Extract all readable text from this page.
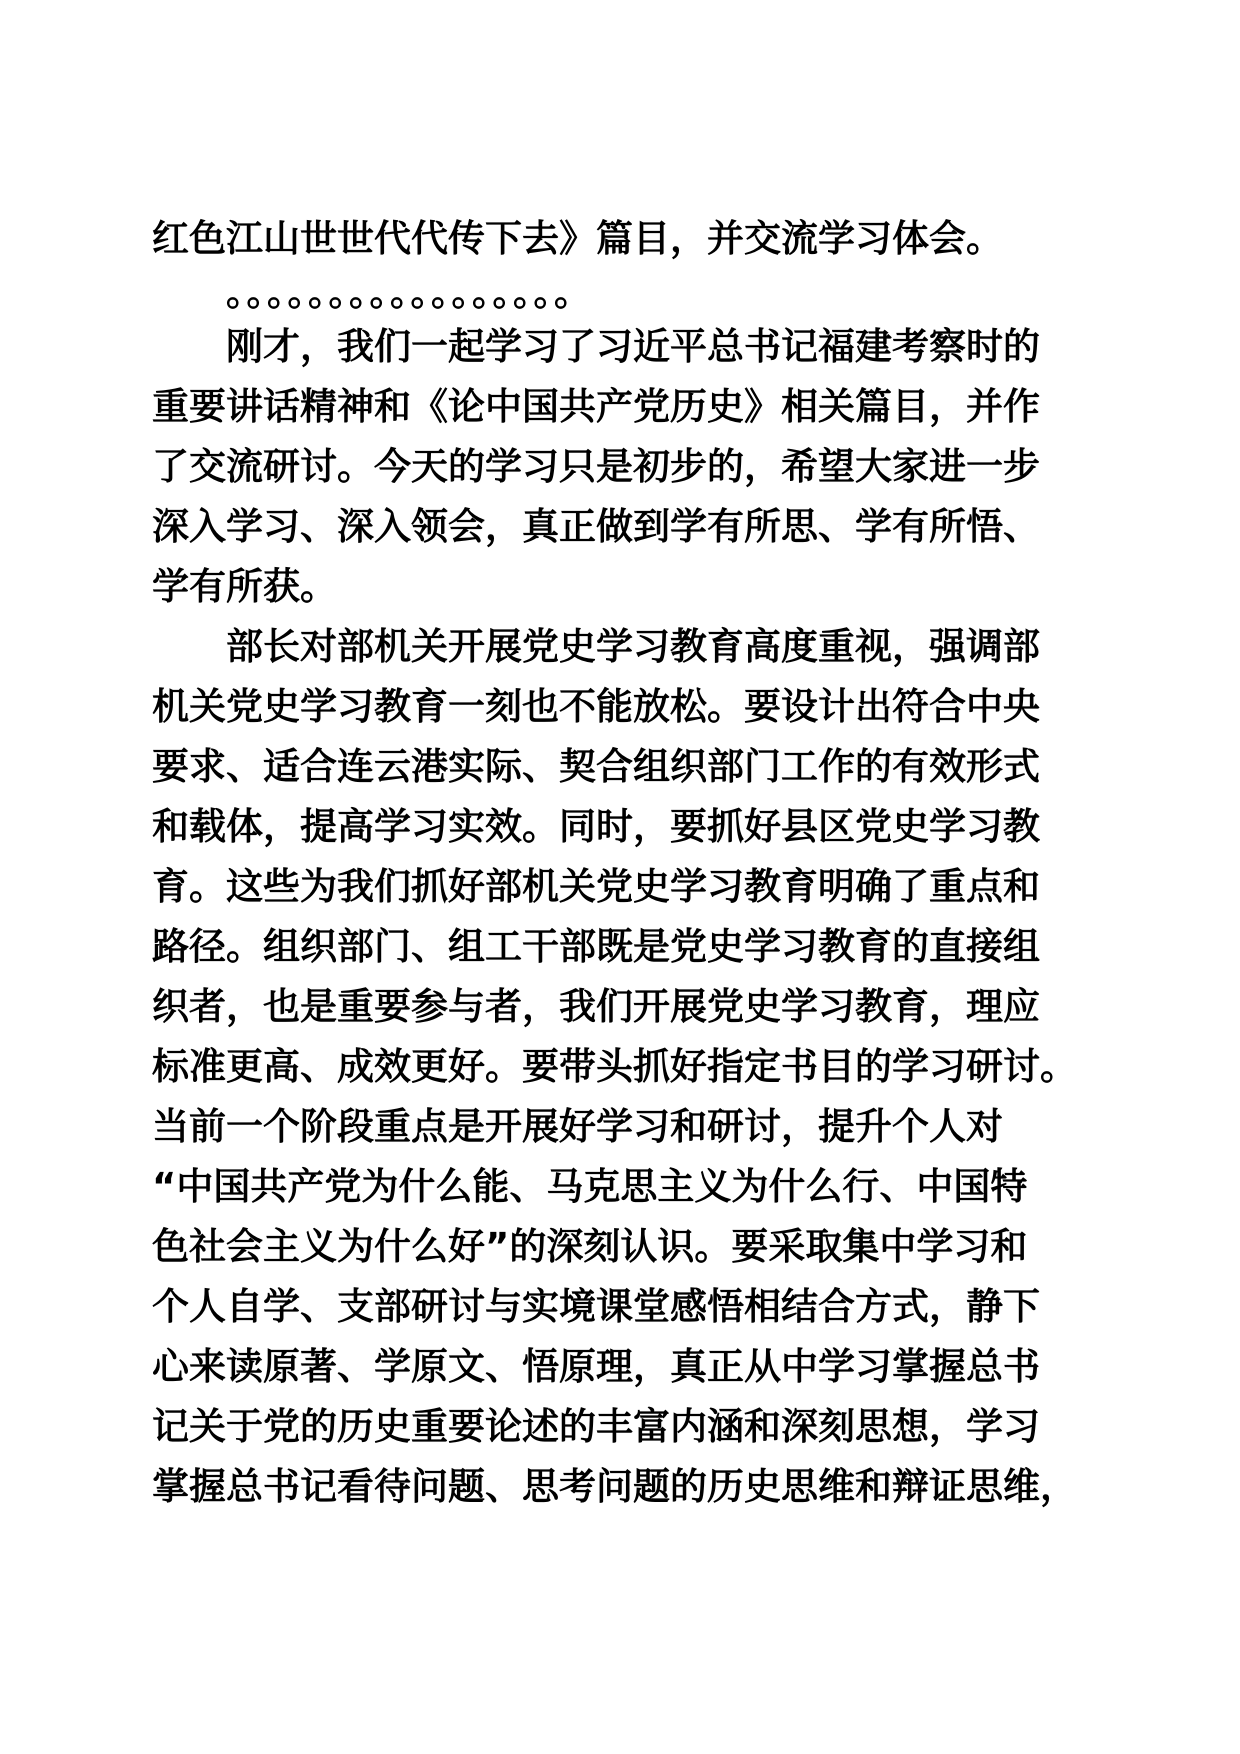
红色江山世世代代传下去》篇目，并交流学习体会。
。。。。。。。。。。。。。。。。。
刚才，我们一起学习了习近平总书记福建考察时的
重要讲话精神和《论中国共产党历史》相关篇目，并作
了交流研讨。今天的学习只是初步的，希望大家进一步
深入学习、深入领会，真正做到学有所思、学有所悟、
学有所获。
部长对部机关开展党史学习教育高度重视，强调部
机关党史学习教育一刻也不能放松。要设计出符合中央
要求、适合连云港实际、契合组织部门工作的有效形式
和载体，提高学习实效。同时，要抓好县区党史学习教
育。这些为我们抓好部机关党史学习教育明确了重点和
路径。组织部门、组工干部既是党史学习教育的直接组
织者，也是重要参与者，我们开展党史学习教育，理应
标准更高、成效更好。要带头抓好指定书目的学习研讨。
当前一个阶段重点是开展好学习和研讨，提升个人对
“中国共产党为什么能、马克思主义为什么行、中国特
色社会主义为什么好”的深刻认识。要采取集中学习和
个人自学、支部研讨与实境课堂感悟相结合方式，静下
心来读原著、学原文、悟原理，真正从中学习掌握总书
记关于党的历史重要论述的丰富内涵和深刻思想，学习
掌握总书记看待问题、思考问题的历史思维和辩证思维，
